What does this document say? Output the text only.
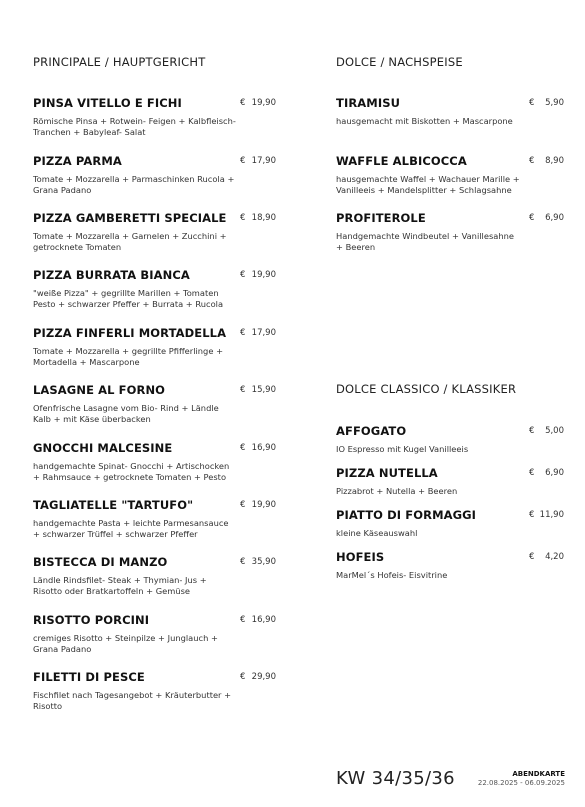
PRINCIPALE / HAUPTGERICHT
PINSA VITELLO E FICHI	€ 19,90
Römische Pinsa + Rotwein- Feigen + Kalbfleisch-Tranchen + Babyleaf- Salat
PIZZA PARMA	€ 17,90
Tomate + Mozzarella + Parmaschinken Rucola + Grana Padano
PIZZA GAMBERETTI SPECIALE	€ 18,90
Tomate + Mozzarella + Garnelen + Zucchini + getrocknete Tomaten
PIZZA BURRATA BIANCA	€ 19,90
"weiße Pizza" + gegrillte Marillen + Tomaten Pesto + schwarzer Pfeffer + Burrata + Rucola
PIZZA FINFERLI MORTADELLA	€ 17,90
Tomate + Mozzarella + gegrillte Pfifferlinge + Mortadella + Mascarpone
LASAGNE AL FORNO	€ 15,90
Ofenfrische Lasagne vom Bio- Rind + Ländle Kalb + mit Käse überbacken
GNOCCHI MALCESINE	€ 16,90
handgemachte Spinat- Gnocchi + Artischocken + Rahmsauce + getrocknete Tomaten + Pesto
TAGLIATELLE "TARTUFO"	€ 19,90
handgemachte Pasta + leichte Parmesansauce + schwarzer Trüffel + schwarzer Pfeffer
BISTECCA DI MANZO	€ 35,90
Ländle Rindsfilet- Steak + Thymian- Jus + Risotto oder Bratkartoffeln + Gemüse
RISOTTO PORCINI	€ 16,90
cremiges Risotto + Steinpilze + Junglauch + Grana Padano
FILETTI DI PESCE	€ 29,90
Fischfilet nach Tagesangebot + Kräuterbutter + Risotto
DOLCE / NACHSPEISE
TIRAMISU	€ 5,90
hausgemacht mit Biskotten + Mascarpone
WAFFLE ALBICOCCA	€ 8,90
hausgemachte Waffel + Wachauer Marille + Vanilleeis + Mandelsplitter + Schlagsahne
PROFITEROLE	€ 6,90
Handgemachte Windbeutel + Vanillesahne + Beeren
DOLCE CLASSICO / KLASSIKER
AFFOGATO	€ 5,00
IO Espresso mit Kugel Vanilleeis
PIZZA NUTELLA	€ 6,90
Pizzabrot + Nutella + Beeren
PIATTO DI FORMAGGI	€ 11,90
kleine Käseauswahl
HOFEIS	€ 4,20
MarMel´s Hofeis- Eisvitrine
KW 34/35/36	ABENDKARTE
22.08.2025 - 06.09.2025
